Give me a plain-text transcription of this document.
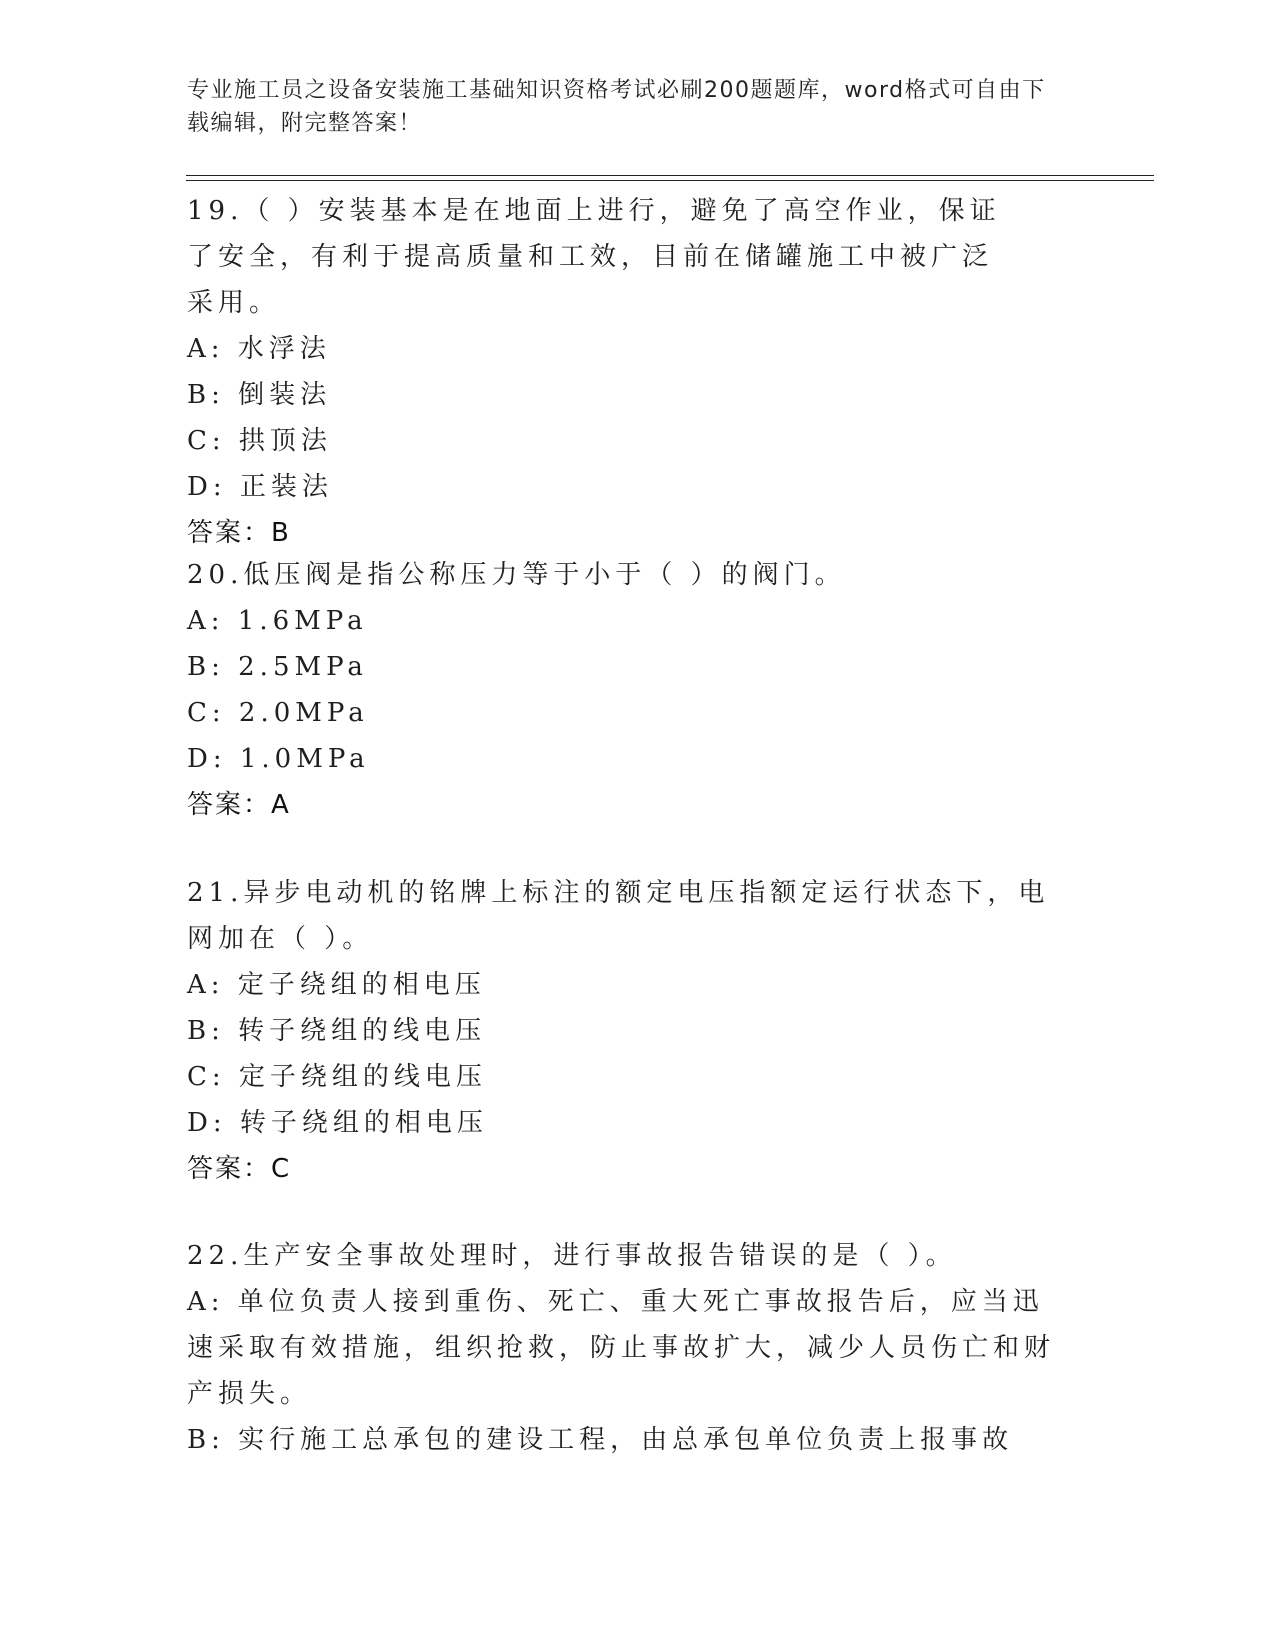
专业施工员之设备安装施工基础知识资格考试必刷200题题库，word格式可自由下载编辑，附完整答案！

19.（ ）安装基本是在地面上进行，避免了高空作业，保证了安全，有利于提高质量和工效，目前在储罐施工中被广泛采用。

A: 水浮法

B: 倒装法

C: 拱顶法

D: 正装法

答案：B

20.低压阀是指公称压力等于小于（ ）的阀门。

A: 1.6MPa

B: 2.5MPa

C: 2.0MPa

D: 1.0MPa

答案：A

21.异步电动机的铭牌上标注的额定电压指额定运行状态下，电网加在（ ）。

A: 定子绕组的相电压

B: 转子绕组的线电压

C: 定子绕组的线电压

D: 转子绕组的相电压

答案：C

22.生产安全事故处理时，进行事故报告错误的是（ ）。

A: 单位负责人接到重伤、死亡、重大死亡事故报告后，应当迅速采取有效措施，组织抢救，防止事故扩大，减少人员伤亡和财产损失。

B: 实行施工总承包的建设工程，由总承包单位负责上报事故
